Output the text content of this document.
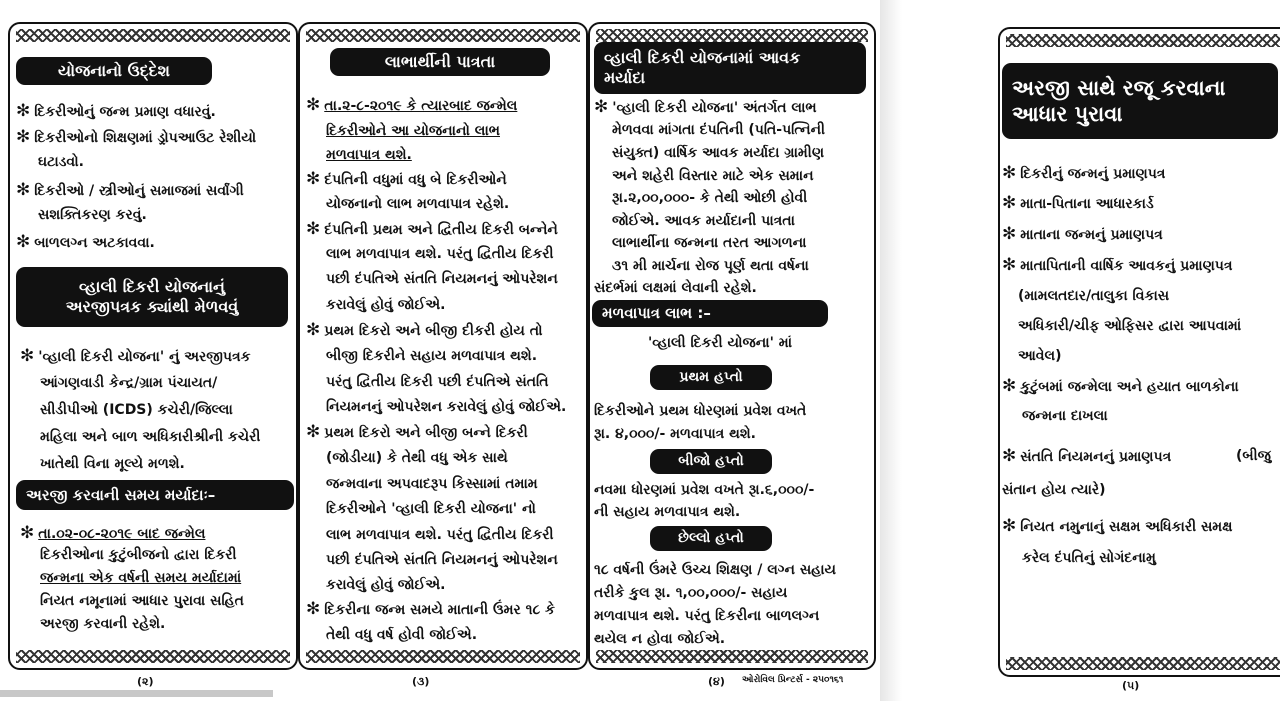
યોજનાનો ઉદ્દેશ
✻ દિકરીઓનું જન્મ પ્રમાણ વધારવું.
✻ દિકરીઓનો શિક્ષણમાં ડ્રોપઆઉટ રેશીયો
ઘટાડવો.
✻ દિકરીઓ / સ્ત્રીઓનું સમાજમાં સર્વાંગી
સશક્તિકરણ કરવું.
✻ બાળલગ્ન અટકાવવા.
વ્હાલી દિકરી યોજનાનું
અરજીપત્રક ક્યાંથી મેળવવું
✻ 'વ્હાલી દિકરી યોજના' નું અરજીપત્રક
આંગણવાડી કેન્દ્ર/ગ્રામ પંચાયત/
સીડીપીઓ (ICDS) કચેરી/જિલ્લા
મહિલા અને બાળ અધિકારીશ્રીની કચેરી
ખાતેથી વિના મૂલ્યે મળશે.
અરજી કરવાની સમય મર્યાદાઃ–
✻ તા.૦૨-૦૮-૨૦૧૯ બાદ જન્મેલ
દિકરીઓના કુટુંબીજનો દ્વારા દિકરી
જન્મના એક વર્ષની સમય મર્યાદામાં
નિયત નમૂનામાં આધાર પુરાવા સહિત
અરજી કરવાની રહેશે.
(૨)
લાભાર્થીની પાત્રતા
✻ તા.૨-૮-૨૦૧૯ કે ત્યારબાદ જન્મેલ
દિકરીઓને આ યોજનાનો લાભ
મળવાપાત્ર થશે.
✻ દંપતિની વધુમાં વધુ બે દિકરીઓને
યોજનાનો લાભ મળવાપાત્ર રહેશે.
✻ દંપતિની પ્રથમ અને દ્વિતીય દિકરી બન્નેને
લાભ મળવાપાત્ર થશે. પરંતુ દ્વિતીય દિકરી
પછી દંપતિએ સંતતિ નિયમનનું ઓપરેશન
કરાવેલું હોવું જોઈએ.
✻ પ્રથમ દિકરો અને બીજી દીકરી હોય તો
બીજી દિકરીને સહાય મળવાપાત્ર થશે.
પરંતુ દ્વિતીય દિકરી પછી દંપતિએ સંતતિ
નિયમનનું ઓપરેશન કરાવેલું હોવું જોઈએ.
✻ પ્રથમ દિકરો અને બીજી બન્ને દિકરી
(જોડીયા) કે તેથી વધુ એક સાથે
જન્મવાના અપવાદરૂપ કિસ્સામાં તમામ
દિકરીઓને 'વ્હાલી દિકરી યોજના' નો
લાભ મળવાપાત્ર થશે. પરંતુ દ્વિતીય દિકરી
પછી દંપતિએ સંતતિ નિયમનનું ઓપરેશન
કરાવેલું હોવું જોઈએ.
✻ દિકરીના જન્મ સમયે માતાની ઉંમર ૧૮ કે
તેથી વધુ વર્ષ હોવી જોઈએ.
(૩)
વ્હાલી દિકરી યોજનામાં આવક
મર્યાદા
✻ 'વ્હાલી દિકરી યોજના' અંતર્ગત લાભ
મેળવવા માંગતા દંપતિની (પતિ-પત્નિની
સંયુક્ત) વાર્ષિક આવક મર્યાદા ગ્રામીણ
અને શહેરી વિસ્તાર માટે એક સમાન
રૂા.૨,૦૦,૦૦૦- કે તેથી ઓછી હોવી
જોઈએ. આવક મર્યાદાની પાત્રતા
લાભાર્થીના જન્મના તરત આગળના
૩૧ મી માર્ચના રોજ પૂર્ણ થતા વર્ષના
સંદર્ભમાં લક્ષમાં લેવાની રહેશે.
મળવાપાત્ર લાભ :–
'વ્હાલી દિકરી યોજના' માં
પ્રથમ હપ્તો
દિકરીઓને પ્રથમ ધોરણમાં પ્રવેશ વખતે
રૂા. ૪,૦૦૦/- મળવાપાત્ર થશે.
બીજો હપ્તો
નવમા ધોરણમાં પ્રવેશ વખતે રૂા.૬,૦૦૦/-
ની સહાય મળવાપાત્ર થશે.
છેલ્લો હપ્તો
૧૮ વર્ષની ઉંમરે ઉચ્ચ શિક્ષણ / લગ્ન સહાય
તરીકે કુલ રૂા. ૧,૦૦,૦૦૦/- સહાય
મળવાપાત્ર થશે. પરંતુ દિકરીના બાળલગ્ન
થયેલ ન હોવા જોઈએ.
(૪) ઓરોવિલ પ્રિન્ટર્સ - ૨૫૦૧૬૧
અરજી સાથે રજૂ કરવાના
આધાર પુરાવા
✻ દિકરીનું જન્મનું પ્રમાણપત્ર
✻ માતા-પિતાના આધારકાર્ડ
✻ માતાના જન્મનું પ્રમાણપત્ર
✻ માતાપિતાની વાર્ષિક આવકનું પ્રમાણપત્ર
(મામલતદાર/તાલુકા વિકાસ
અધિકારી/ચીફ ઓફિસર દ્વારા આપવામાં
આવેલ)
✻ કુટુંબમાં જન્મેલા અને હયાત બાળકોના
જન્મના દાખલા
✻ સંતતિ નિયમનનું પ્રમાણપત્ર	(બીજુ
સંતાન હોય ત્યારે)
✻ નિયત નમુનાનું સક્ષમ અધિકારી સમક્ષ
કરેલ દંપતિનું સોગંદનામુ
(૫)
